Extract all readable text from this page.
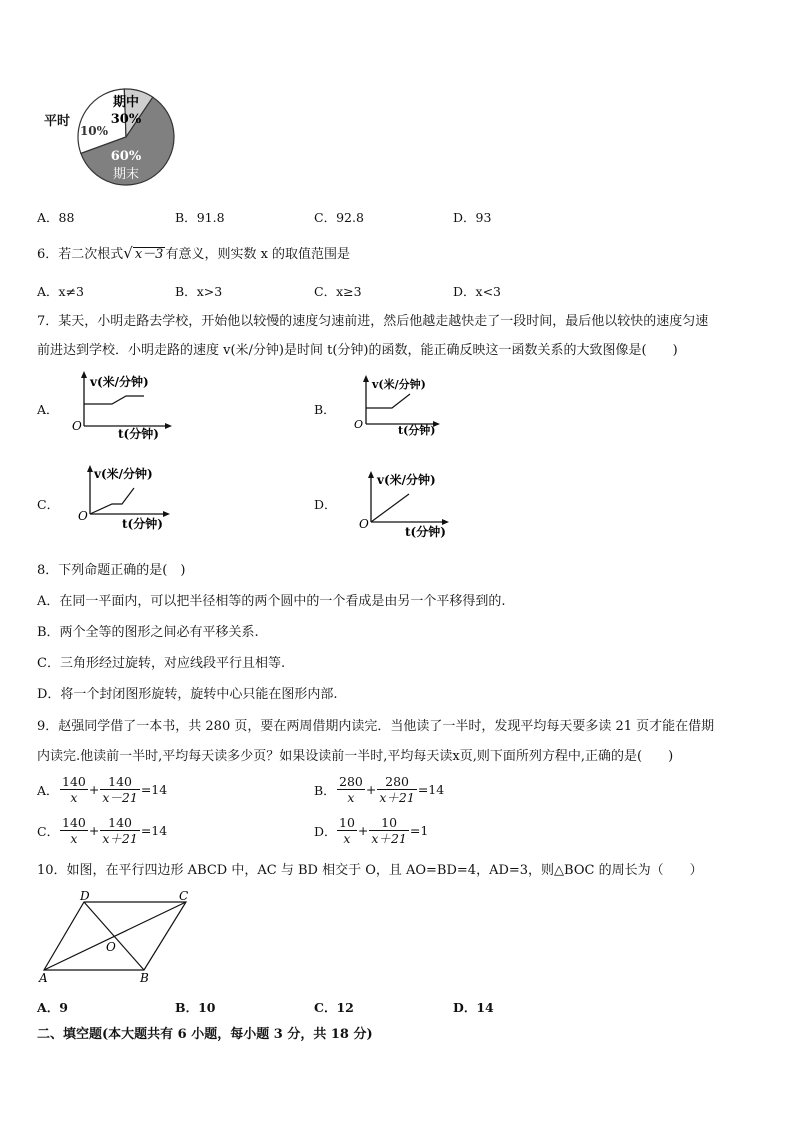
平时
期中
30%
10%
60%
期末
A．88	B．91.8	C．92.8	D．93
6．若二次根式√ x－3 有意义，则实数 x 的取值范围是
A．x≠3	B．x>3	C．x≥3	D．x<3
7．某天，小明走路去学校，开始他以较慢的速度匀速前进，然后他越走越快走了一段时间，最后他以较快的速度匀速
前进达到学校．小明走路的速度 v(米/分钟)是时间 t(分钟)的函数，能正确反映这一函数关系的大致图像是(　　)
A．
v(米/分钟)
O
t(分钟)
B．
v(米/分钟)
O	t(分钟)
C．
v(米/分钟)
O
t(分钟)
D．
v(米/分钟)
O
t(分钟)
8．下列命题正确的是(　)
A．在同一平面内，可以把半径相等的两个圆中的一个看成是由另一个平移得到的.
B．两个全等的图形之间必有平移关系.
C．三角形经过旋转，对应线段平行且相等.
D．将一个封闭图形旋转，旋转中心只能在图形内部.
9．赵强同学借了一本书，共 280 页，要在两周借期内读完．当他读了一半时，发现平均每天要多读 21 页才能在借期
内读完.他读前一半时,平均每天读多少页？如果设读前一半时,平均每天读x页,则下面所列方程中,正确的是(　　)
A． $\frac{140}{x} + \frac{140}{x-21} =14$	B． $\frac{280}{x} + \frac{280}{x+21} =14$
C． $\frac{140}{x} + \frac{140}{x+21} =14$	D． $\frac{10}{x} + \frac{10}{x+21} =1$
10．如图，在平行四边形 ABCD 中，AC 与 BD 相交于 O，且 AO=BD=4，AD=3，则△BOC 的周长为（　　）
A	B
C
D
O
A．9	B．10	C．12	D．14
二、填空题(本大题共有 6 小题，每小题 3 分，共 18 分)
